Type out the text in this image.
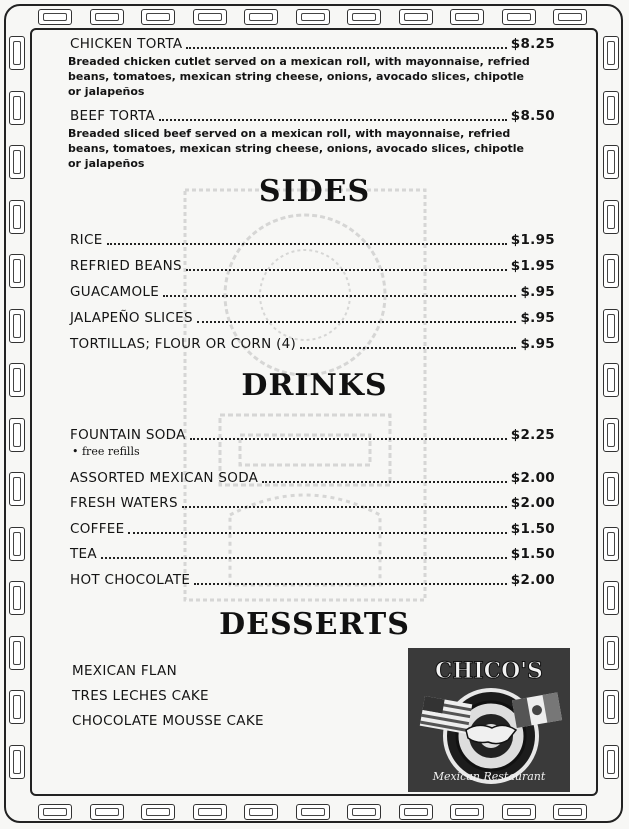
CHICKEN TORTA	$8.25
Breaded chicken cutlet served on a mexican roll, with mayonnaise, refried beans, tomatoes, mexican string cheese, onions, avocado slices, chipotle or jalapeños
BEEF TORTA	$8.50
Breaded sliced beef served on a mexican roll, with mayonnaise, refried beans, tomatoes, mexican string cheese, onions, avocado slices, chipotle or jalapeños
SIDES
RICE	$1.95
REFRIED BEANS	$1.95
GUACAMOLE	$.95
JALAPEÑO SLICES	$.95
TORTILLAS; FLOUR OR CORN (4)	$.95
DRINKS
FOUNTAIN SODA	$2.25
• free refills
ASSORTED MEXICAN SODA	$2.00
FRESH WATERS	$2.00
COFFEE	$1.50
TEA	$1.50
HOT CHOCOLATE	$2.00
DESSERTS
MEXICAN FLAN
TRES LECHES CAKE
CHOCOLATE MOUSSE CAKE
CHICO'S
Mexican Restaurant
